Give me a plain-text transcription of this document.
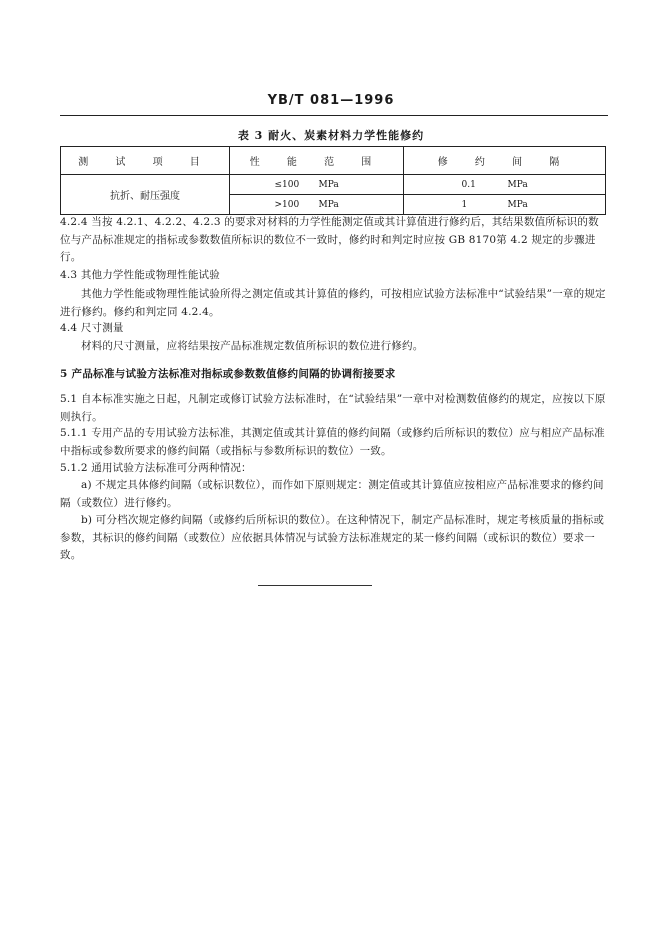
YB/T 081—1996
表 3 耐火、炭素材料力学性能修约
测 试 项 目	性 能 范 围	修 约 间 隔
抗折、耐压强度	≤100 MPa	0.1 MPa
	>100 MPa	1 MPa
4.2.4 当按 4.2.1、4.2.2、4.2.3 的要求对材料的力学性能测定值或其计算值进行修约后，其结果数值所标识的数位与产品标准规定的指标或参数数值所标识的数位不一致时，修约时和判定时应按 GB 8170第 4.2 规定的步骤进行。
4.3 其他力学性能或物理性能试验
其他力学性能或物理性能试验所得之测定值或其计算值的修约，可按相应试验方法标准中“试验结果”一章的规定进行修约。修约和判定同 4.2.4。
4.4 尺寸测量
材料的尺寸测量，应将结果按产品标准规定数值所标识的数位进行修约。
5 产品标准与试验方法标准对指标或参数数值修约间隔的协调衔接要求
5.1 自本标准实施之日起，凡制定或修订试验方法标准时，在“试验结果”一章中对检测数值修约的规定，应按以下原则执行。
5.1.1 专用产品的专用试验方法标准，其测定值或其计算值的修约间隔（或修约后所标识的数位）应与相应产品标准中指标或参数所要求的修约间隔（或指标与参数所标识的数位）一致。
5.1.2 通用试验方法标准可分两种情况：
a) 不规定具体修约间隔（或标识数位），而作如下原则规定：测定值或其计算值应按相应产品标准要求的修约间隔（或数位）进行修约。
b) 可分档次规定修约间隔（或修约后所标识的数位）。在这种情况下，制定产品标准时，规定考核质量的指标或参数，其标识的修约间隔（或数位）应依据具体情况与试验方法标准规定的某一修约间隔（或标识的数位）要求一致。
